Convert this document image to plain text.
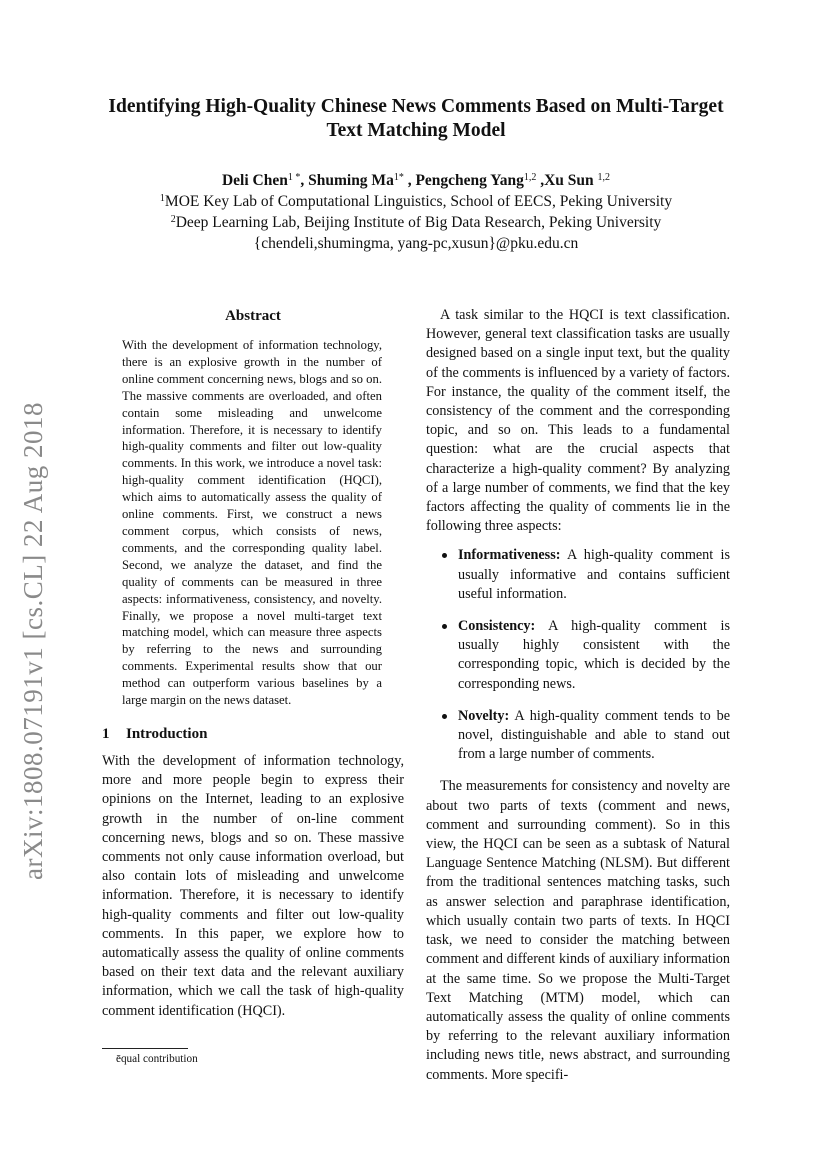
arXiv:1808.07191v1 [cs.CL] 22 Aug 2018
Identifying High-Quality Chinese News Comments Based on Multi-Target Text Matching Model
Deli Chen$^{1 *}$, Shuming $Ma^{1*}$ , Pengcheng Yang$^{1,2}$ ,Xu Sun $^{1,2}$
$^1$MOE Key Lab of Computational Linguistics, School of EECS, Peking University
$^2$Deep Learning Lab, Beijing Institute of Big Data Research, Peking University
{chendeli,shumingma, yang-pc,xusun}@pku.edu.cn
Abstract

With the development of information technology, there is an explosive growth in the number of online comment concerning news, blogs and so on. The massive comments are overloaded, and often contain some misleading and unwelcome information. Therefore, it is necessary to identify high-quality comments and filter out low-quality comments. In this work, we introduce a novel task: high-quality comment identification (HQCI), which aims to automatically assess the quality of online comments. First, we construct a news comment corpus, which consists of news, comments, and the corresponding quality label. Second, we analyze the dataset, and find the quality of comments can be measured in three aspects: informativeness, consistency, and novelty. Finally, we propose a novel multi-target text matching model, which can measure three aspects by referring to the news and surrounding comments. Experimental results show that our method can outperform various baselines by a large margin on the news dataset.

1 Introduction

With the development of information technology, more and more people begin to express their opinions on the Internet, leading to an explosive growth in the number of on-line comment concerning news, blogs and so on. These massive comments not only cause information overload, but also contain lots of misleading and unwelcome information. Therefore, it is necessary to identify high-quality comments and filter out low-quality comments. In this paper, we explore how to automatically assess the quality of online comments based on their text data and the relevant auxiliary information, which we call the task of high-quality comment identification (HQCI).

ēqual contribution

A task similar to the HQCI is text classification. However, general text classification tasks are usually designed based on a single input text, but the quality of the comments is influenced by a variety of factors. For instance, the quality of the comment itself, the consistency of the comment and the corresponding topic, and so on. This leads to a fundamental question: what are the crucial aspects that characterize a high-quality comment? By analyzing of a large number of comments, we find that the key factors affecting the quality of comments lie in the following three aspects:

Informativeness: A high-quality comment is usually informative and contains sufficient useful information.

Consistency: A high-quality comment is usually highly consistent with the corresponding topic, which is decided by the corresponding news.

Novelty: A high-quality comment tends to be novel, distinguishable and able to stand out from a large number of comments.

The measurements for consistency and novelty are about two parts of texts (comment and news, comment and surrounding comment). So in this view, the HQCI can be seen as a subtask of Natural Language Sentence Matching (NLSM). But different from the traditional sentences matching tasks, such as answer selection and paraphrase identification, which usually contain two parts of texts. In HQCI task, we need to consider the matching between comment and different kinds of auxiliary information at the same time. So we propose the Multi-Target Text Matching (MTM) model, which can automatically assess the quality of online comments by referring to the relevant auxiliary information including news title, news abstract, and surrounding comments. More specifi-
